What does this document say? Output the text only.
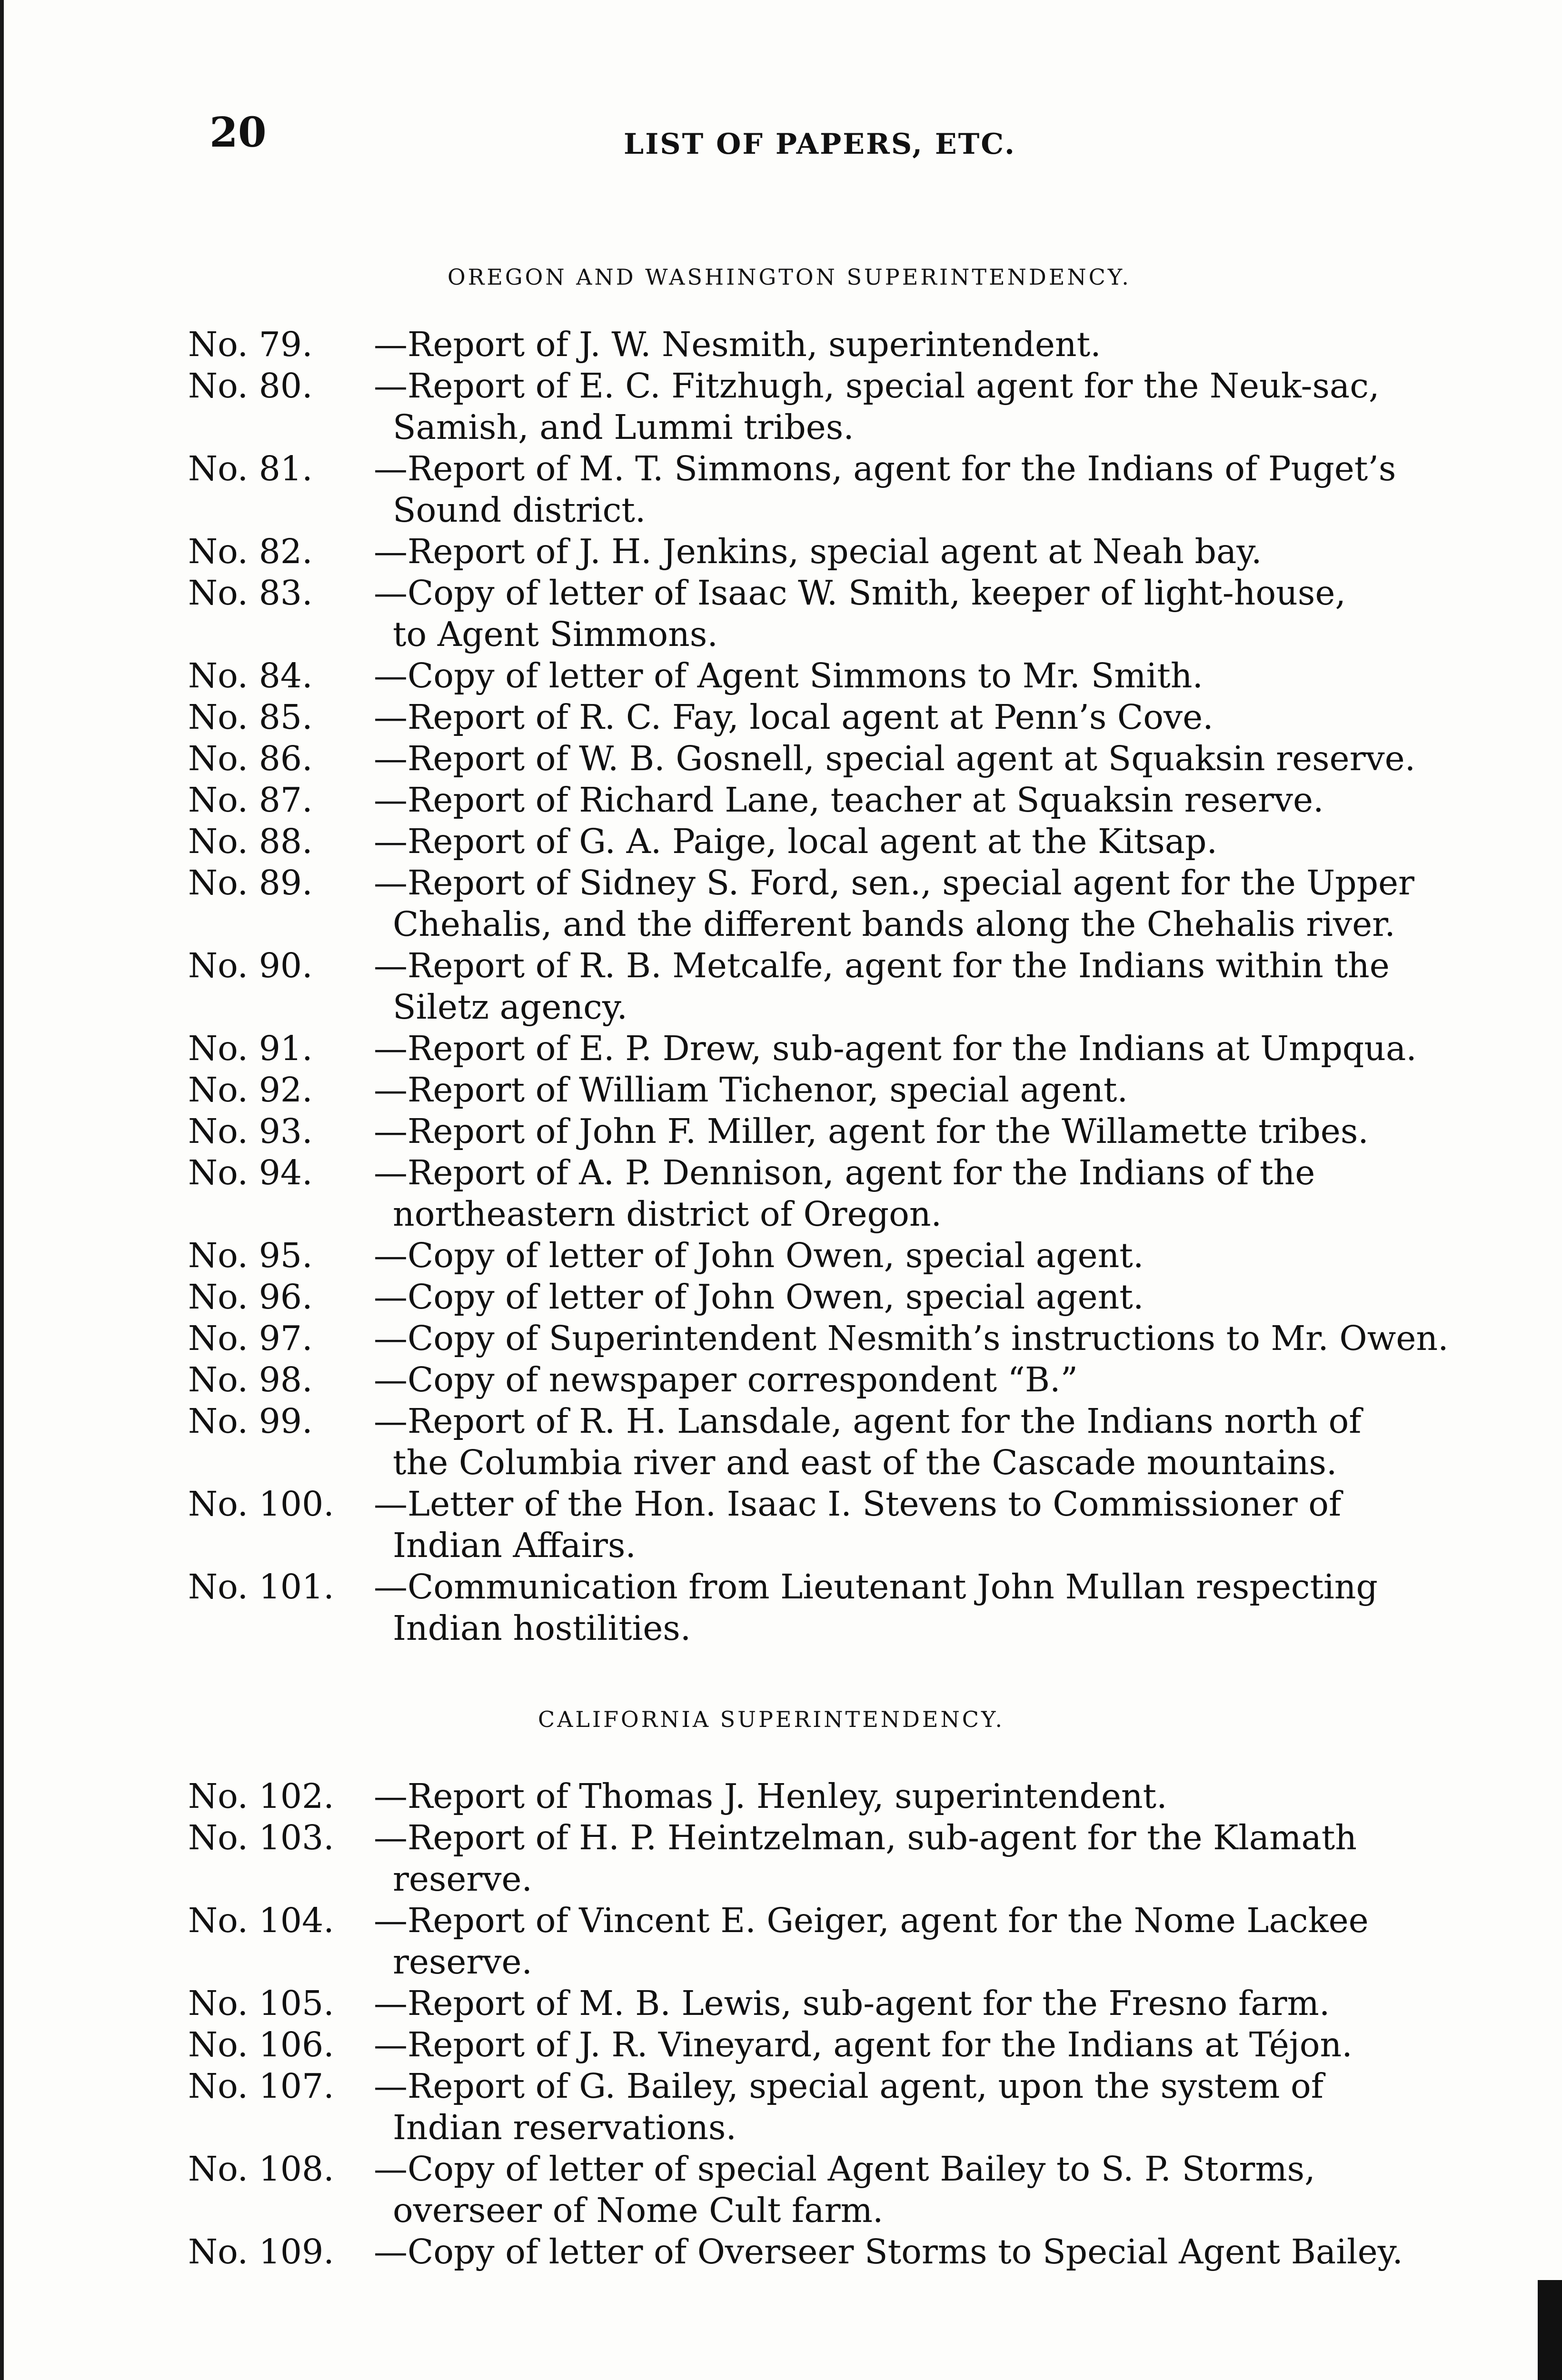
20	LIST OF PAPERS, ETC.

OREGON AND WASHINGTON SUPERINTENDENCY.

No. 79.	—Report of J. W. Nesmith, superintendent.
No. 80.	—Report of E. C. Fitzhugh, special agent for the Neuk-sac,
Samish, and Lummi tribes.
No. 81.	—Report of M. T. Simmons, agent for the Indians of Puget’s
Sound district.
No. 82.	—Report of J. H. Jenkins, special agent at Neah bay.
No. 83.	—Copy of letter of Isaac W. Smith, keeper of light-house,
to Agent Simmons.
No. 84.	—Copy of letter of Agent Simmons to Mr. Smith.
No. 85.	—Report of R. C. Fay, local agent at Penn’s Cove.
No. 86.	—Report of W. B. Gosnell, special agent at Squaksin reserve.
No. 87.	—Report of Richard Lane, teacher at Squaksin reserve.
No. 88.	—Report of G. A. Paige, local agent at the Kitsap.
No. 89.	—Report of Sidney S. Ford, sen., special agent for the Upper
Chehalis, and the different bands along the Chehalis river.
No. 90.	—Report of R. B. Metcalfe, agent for the Indians within the
Siletz agency.
No. 91.	—Report of E. P. Drew, sub-agent for the Indians at Umpqua.
No. 92.	—Report of William Tichenor, special agent.
No. 93.	—Report of John F. Miller, agent for the Willamette tribes.
No. 94.	—Report of A. P. Dennison, agent for the Indians of the
northeastern district of Oregon.
No. 95.	—Copy of letter of John Owen, special agent.
No. 96.	—Copy of letter of John Owen, special agent.
No. 97.	—Copy of Superintendent Nesmith’s instructions to Mr. Owen.
No. 98.	—Copy of newspaper correspondent “B.”
No. 99.	—Report of R. H. Lansdale, agent for the Indians north of
the Columbia river and east of the Cascade mountains.
No. 100.	—Letter of the Hon. Isaac I. Stevens to Commissioner of
Indian Affairs.
No. 101.	—Communication from Lieutenant John Mullan respecting
Indian hostilities.

CALIFORNIA SUPERINTENDENCY.

No. 102.	—Report of Thomas J. Henley, superintendent.
No. 103.	—Report of H. P. Heintzelman, sub-agent for the Klamath
reserve.
No. 104.	—Report of Vincent E. Geiger, agent for the Nome Lackee
reserve.
No. 105.	—Report of M. B. Lewis, sub-agent for the Fresno farm.
No. 106.	—Report of J. R. Vineyard, agent for the Indians at Téjon.
No. 107.	—Report of G. Bailey, special agent, upon the system of
Indian reservations.
No. 108.	—Copy of letter of special Agent Bailey to S. P. Storms,
overseer of Nome Cult farm.
No. 109.	—Copy of letter of Overseer Storms to Special Agent Bailey.
